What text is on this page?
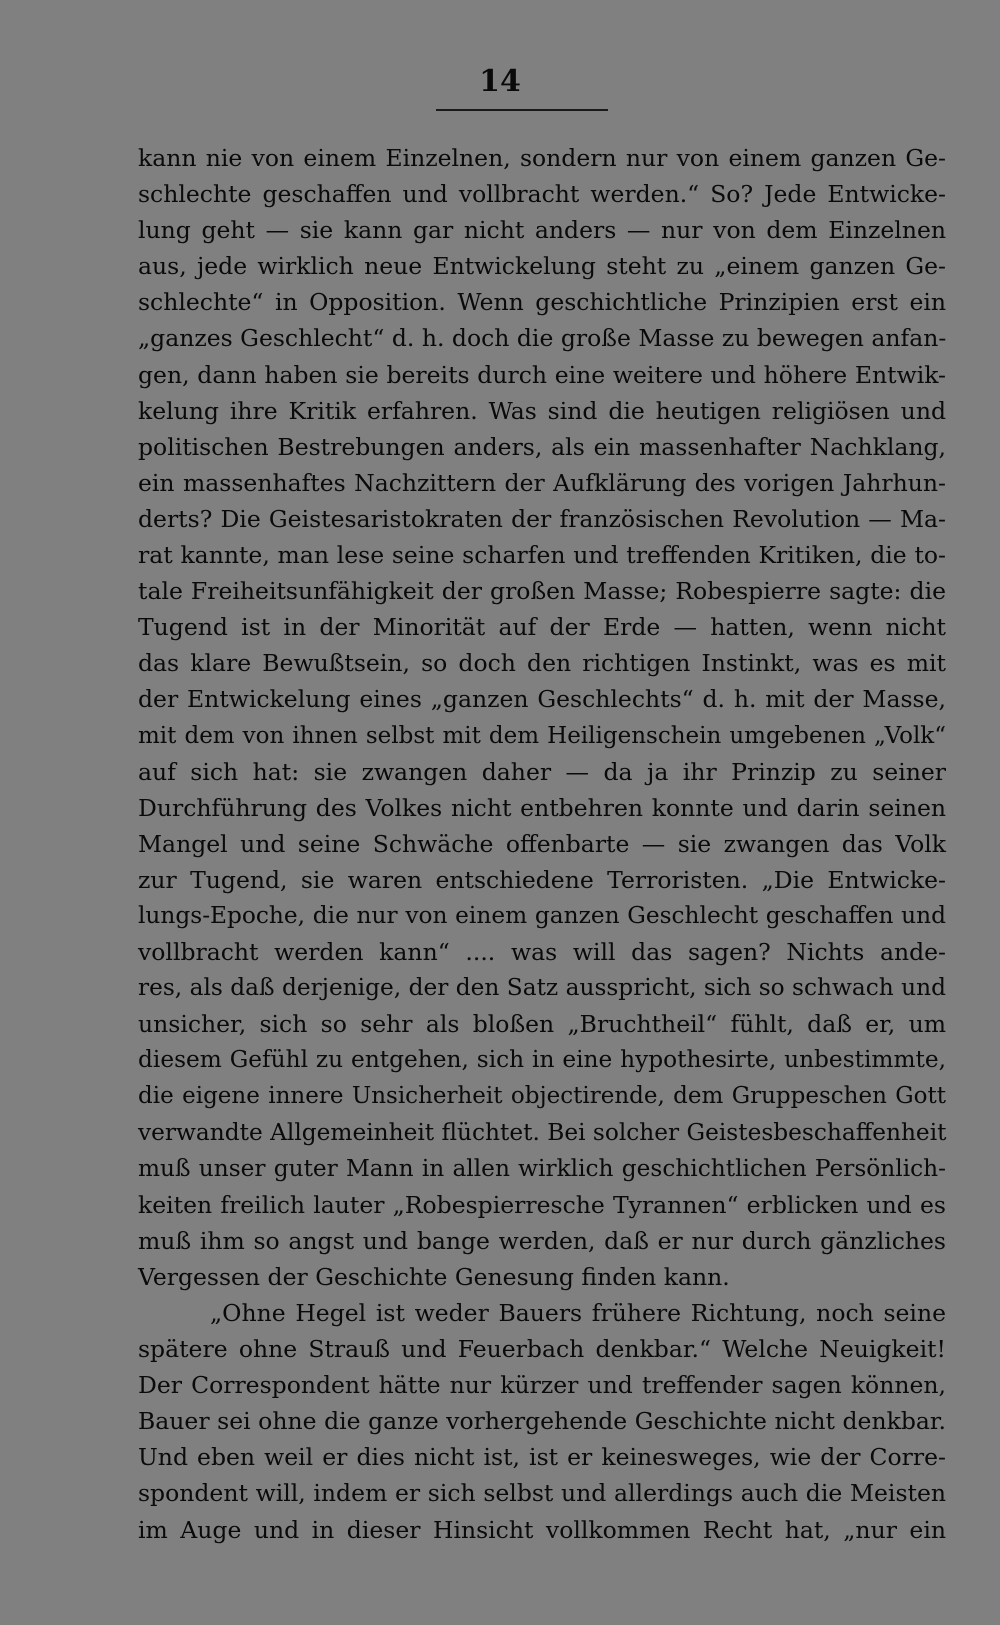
14
kann nie von einem Einzelnen, sondern nur von einem ganzen Ge-
schlechte geschaffen und vollbracht werden.“ So? Jede Entwicke-
lung geht — sie kann gar nicht anders — nur von dem Einzelnen
aus, jede wirklich neue Entwickelung steht zu „einem ganzen Ge-
schlechte“ in Opposition. Wenn geschichtliche Prinzipien erst ein
„ganzes Geschlecht“ d. h. doch die große Masse zu bewegen anfan-
gen, dann haben sie bereits durch eine weitere und höhere Entwik-
kelung ihre Kritik erfahren. Was sind die heutigen religiösen und
politischen Bestrebungen anders, als ein massenhafter Nachklang,
ein massenhaftes Nachzittern der Aufklärung des vorigen Jahrhun-
derts? Die Geistesaristokraten der französischen Revolution — Ma-
rat kannte, man lese seine scharfen und treffenden Kritiken, die to-
tale Freiheitsunfähigkeit der großen Masse; Robespierre sagte: die
Tugend ist in der Minorität auf der Erde — hatten, wenn nicht
das klare Bewußtsein, so doch den richtigen Instinkt, was es mit
der Entwickelung eines „ganzen Geschlechts“ d. h. mit der Masse,
mit dem von ihnen selbst mit dem Heiligenschein umgebenen „Volk“
auf sich hat: sie zwangen daher — da ja ihr Prinzip zu seiner
Durchführung des Volkes nicht entbehren konnte und darin seinen
Mangel und seine Schwäche offenbarte — sie zwangen das Volk
zur Tugend, sie waren entschiedene Terroristen. „Die Entwicke-
lungs-Epoche, die nur von einem ganzen Geschlecht geschaffen und
vollbracht werden kann“ .... was will das sagen? Nichts ande-
res, als daß derjenige, der den Satz ausspricht, sich so schwach und
unsicher, sich so sehr als bloßen „Bruchtheil“ fühlt, daß er, um
diesem Gefühl zu entgehen, sich in eine hypothesirte, unbestimmte,
die eigene innere Unsicherheit objectirende, dem Gruppeschen Gott
verwandte Allgemeinheit flüchtet. Bei solcher Geistesbeschaffenheit
muß unser guter Mann in allen wirklich geschichtlichen Persönlich-
keiten freilich lauter „Robespierresche Tyrannen“ erblicken und es
muß ihm so angst und bange werden, daß er nur durch gänzliches
Vergessen der Geschichte Genesung finden kann.
„Ohne Hegel ist weder Bauers frühere Richtung, noch seine
spätere ohne Strauß und Feuerbach denkbar.“ Welche Neuigkeit!
Der Correspondent hätte nur kürzer und treffender sagen können,
Bauer sei ohne die ganze vorhergehende Geschichte nicht denkbar.
Und eben weil er dies nicht ist, ist er keinesweges, wie der Corre-
spondent will, indem er sich selbst und allerdings auch die Meisten
im Auge und in dieser Hinsicht vollkommen Recht hat, „nur ein
